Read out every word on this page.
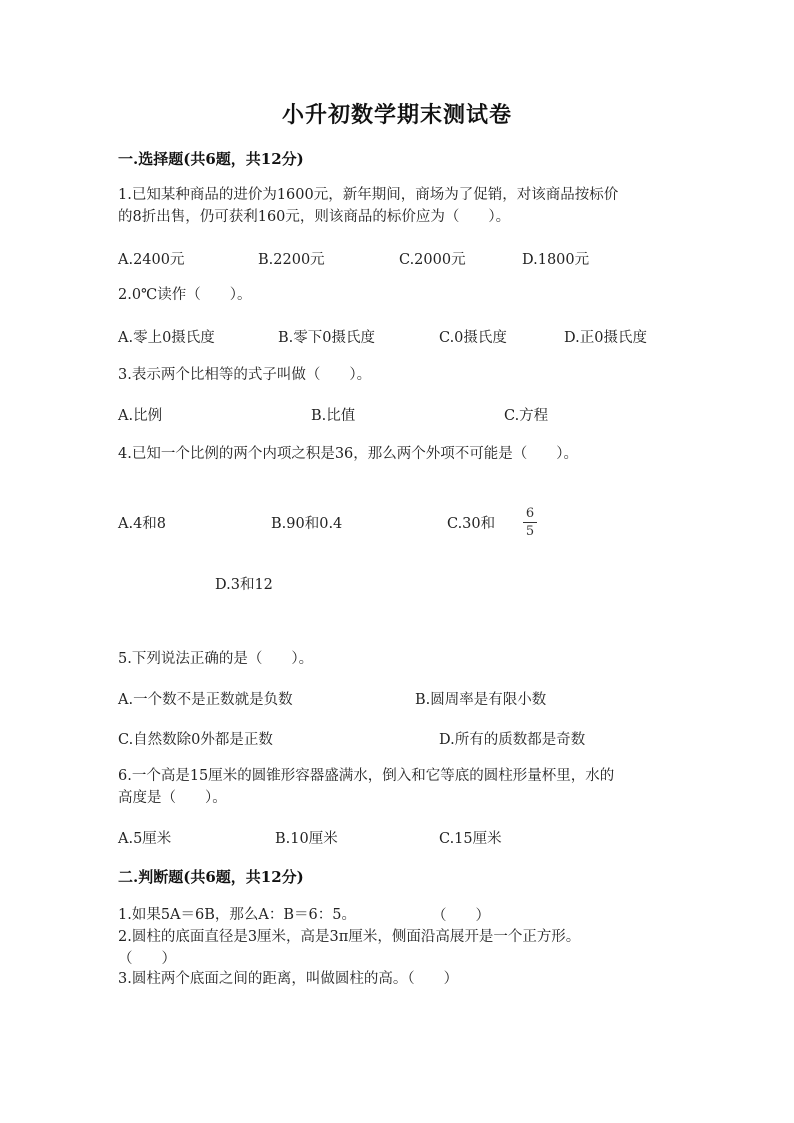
小升初数学期末测试卷
一.选择题(共6题，共12分)
1.已知某种商品的进价为1600元，新年期间，商场为了促销，对该商品按标价
的8折出售，仍可获利160元，则该商品的标价应为（　　）。
A.2400元	B.2200元	C.2000元	D.1800元
2.0℃读作（　　）。
A.零上0摄氏度	B.零下0摄氏度	C.0摄氏度	D.正0摄氏度
3.表示两个比相等的式子叫做（　　）。
A.比例	B.比值	C.方程
4.已知一个比例的两个内项之积是36，那么两个外项不可能是（　　）。
A.4和8	B.90和0.4	C.30和
6
5
D.3和12
5.下列说法正确的是（　　）。
A.一个数不是正数就是负数	B.圆周率是有限小数
C.自然数除0外都是正数	D.所有的质数都是奇数
6.一个高是15厘米的圆锥形容器盛满水，倒入和它等底的圆柱形量杯里，水的
高度是（　　）。
A.5厘米	B.10厘米	C.15厘米
二.判断题(共6题，共12分)
1.如果5A＝6B，那么A：B＝6：5。	（　　）
2.圆柱的底面直径是3厘米，高是3π厘米，侧面沿高展开是一个正方形。
（　　）
3.圆柱两个底面之间的距离，叫做圆柱的高。（　　）
